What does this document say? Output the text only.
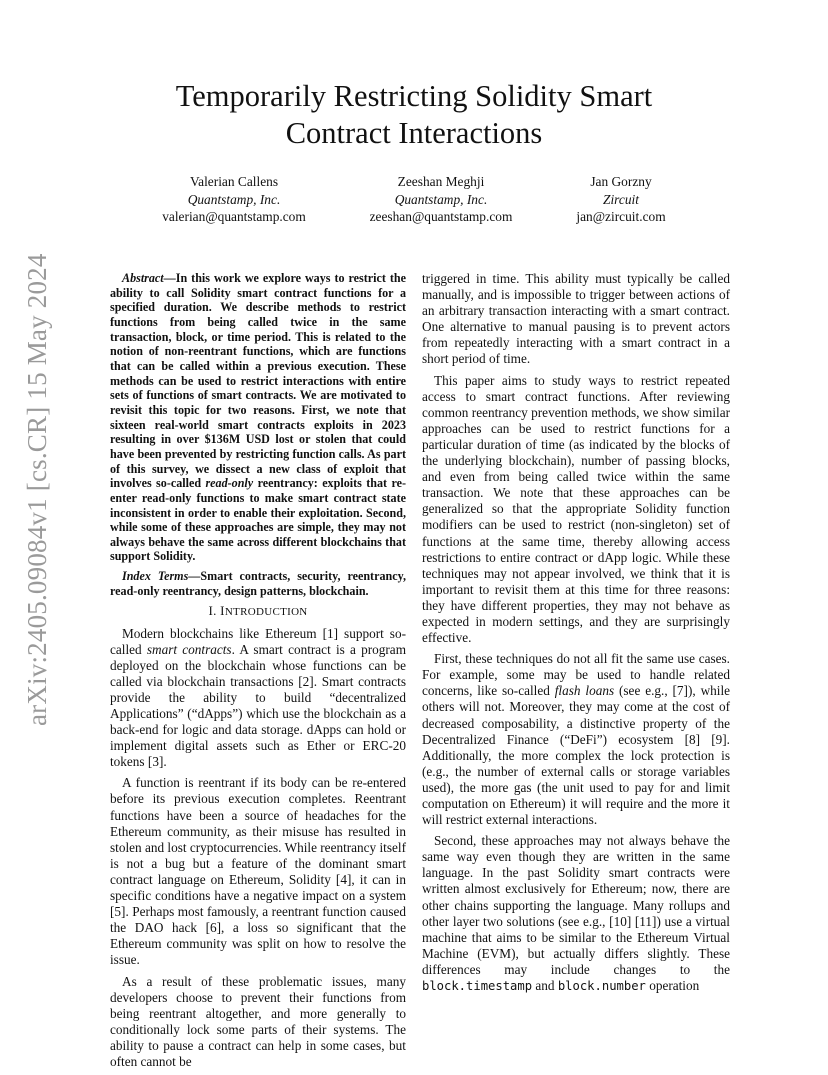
arXiv:2405.09084v1 [cs.CR] 15 May 2024
Temporarily Restricting Solidity Smart
Contract Interactions
Valerian Callens
Quantstamp, Inc.
valerian@quantstamp.com
Zeeshan Meghji
Quantstamp, Inc.
zeeshan@quantstamp.com
Jan Gorzny
Zircuit
jan@zircuit.com

Abstract—In this work we explore ways to restrict the ability to call Solidity smart contract functions for a specified duration. We describe methods to restrict functions from being called twice in the same transaction, block, or time period. This is related to the notion of non-reentrant functions, which are functions that can be called within a previous execution. These methods can be used to restrict interactions with entire sets of functions of smart contracts. We are motivated to revisit this topic for two reasons. First, we note that sixteen real-world smart contracts exploits in 2023 resulting in over $136M USD lost or stolen that could have been prevented by restricting function calls. As part of this survey, we dissect a new class of exploit that involves so-called read-only reentrancy: exploits that re-enter read-only functions to make smart contract state inconsistent in order to enable their exploitation. Second, while some of these approaches are simple, they may not always behave the same across different blockchains that support Solidity.

Index Terms—Smart contracts, security, reentrancy, read-only reentrancy, design patterns, blockchain.

I. INTRODUCTION

Modern blockchains like Ethereum [1] support so-called smart contracts. A smart contract is a program deployed on the blockchain whose functions can be called via blockchain transactions [2]. Smart contracts provide the ability to build “decentralized Applications” (“dApps”) which use the blockchain as a back-end for logic and data storage. dApps can hold or implement digital assets such as Ether or ERC-20 tokens [3].

A function is reentrant if its body can be re-entered before its previous execution completes. Reentrant functions have been a source of headaches for the Ethereum community, as their misuse has resulted in stolen and lost cryptocurrencies. While reentrancy itself is not a bug but a feature of the dominant smart contract language on Ethereum, Solidity [4], it can in specific conditions have a negative impact on a system [5]. Perhaps most famously, a reentrant function caused the DAO hack [6], a loss so significant that the Ethereum community was split on how to resolve the issue.

As a result of these problematic issues, many developers choose to prevent their functions from being reentrant altogether, and more generally to conditionally lock some parts of their systems. The ability to pause a contract can help in some cases, but often cannot be

triggered in time. This ability must typically be called manually, and is impossible to trigger between actions of an arbitrary transaction interacting with a smart contract. One alternative to manual pausing is to prevent actors from repeatedly interacting with a smart contract in a short period of time.

This paper aims to study ways to restrict repeated access to smart contract functions. After reviewing common reentrancy prevention methods, we show similar approaches can be used to restrict functions for a particular duration of time (as indicated by the blocks of the underlying blockchain), number of passing blocks, and even from being called twice within the same transaction. We note that these approaches can be generalized so that the appropriate Solidity function modifiers can be used to restrict (non-singleton) set of functions at the same time, thereby allowing access restrictions to entire contract or dApp logic. While these techniques may not appear involved, we think that it is important to revisit them at this time for three reasons: they have different properties, they may not behave as expected in modern settings, and they are surprisingly effective.

First, these techniques do not all fit the same use cases. For example, some may be used to handle related concerns, like so-called flash loans (see e.g., [7]), while others will not. Moreover, they may come at the cost of decreased composability, a distinctive property of the Decentralized Finance (“DeFi”) ecosystem [8] [9]. Additionally, the more complex the lock protection is (e.g., the number of external calls or storage variables used), the more gas (the unit used to pay for and limit computation on Ethereum) it will require and the more it will restrict external interactions.

Second, these approaches may not always behave the same way even though they are written in the same language. In the past Solidity smart contracts were written almost exclusively for Ethereum; now, there are other chains supporting the language. Many rollups and other layer two solutions (see e.g., [10] [11]) use a virtual machine that aims to be similar to the Ethereum Virtual Machine (EVM), but actually differs slightly. These differences may include changes to the block.timestamp and block.number operation
